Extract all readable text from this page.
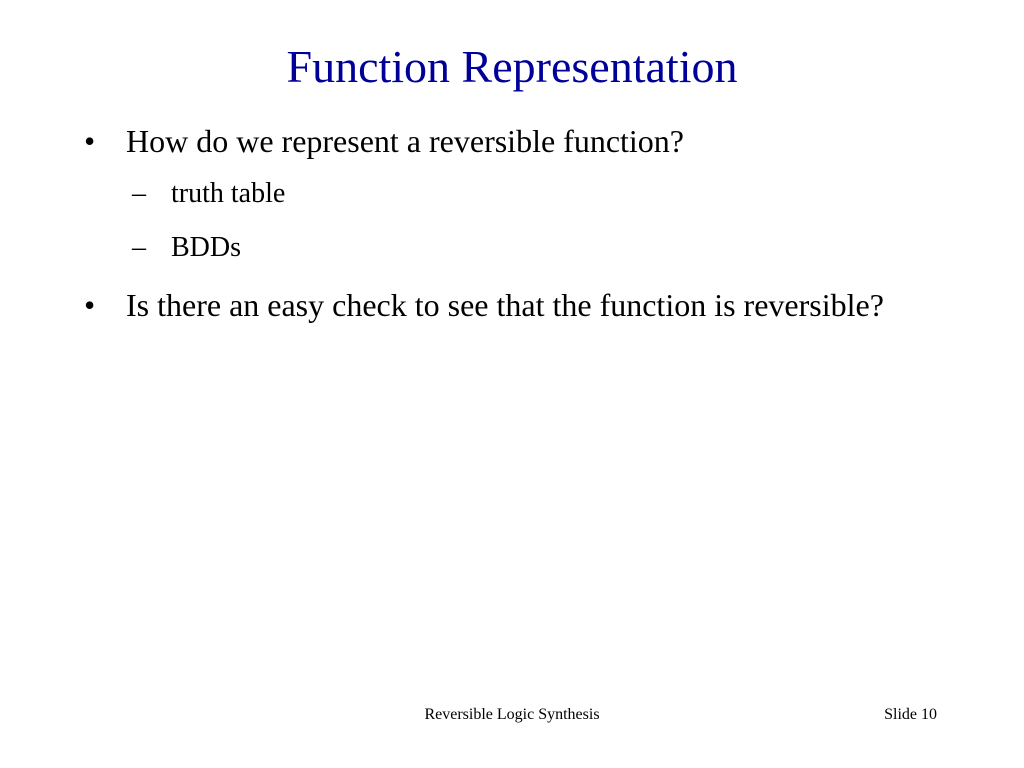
Function Representation
• How do we represent a reversible function?
– truth table
– BDDs
• Is there an easy check to see that the function is reversible?
Reversible Logic Synthesis	Slide 10
